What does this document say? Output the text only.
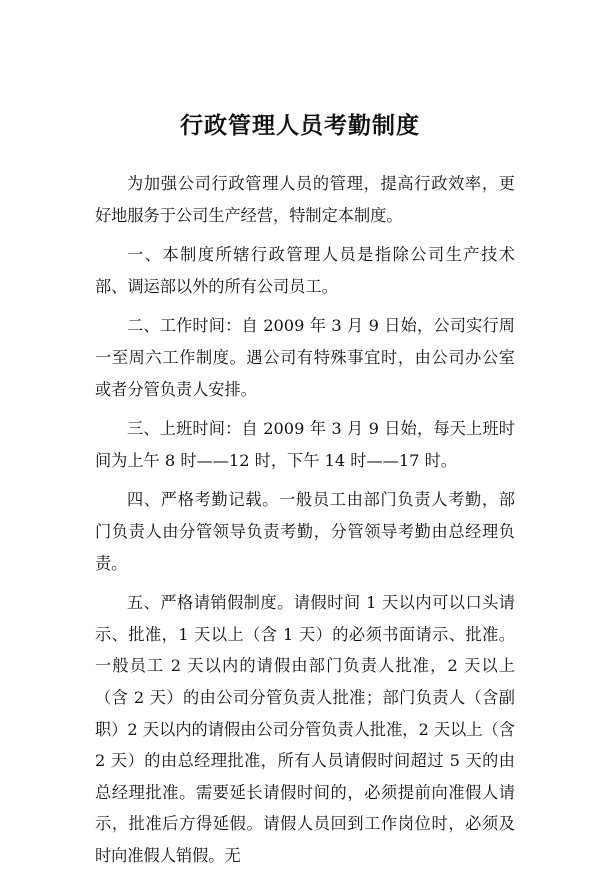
行政管理人员考勤制度

为加强公司行政管理人员的管理，提高行政效率，更好地服务于公司生产经营，特制定本制度。

一、本制度所辖行政管理人员是指除公司生产技术部、调运部以外的所有公司员工。

二、工作时间：自 2009 年 3 月 9 日始，公司实行周一至周六工作制度。遇公司有特殊事宜时，由公司办公室或者分管负责人安排。

三、上班时间：自 2009 年 3 月 9 日始，每天上班时间为上午 8 时——12 时，下午 14 时——17 时。

四、严格考勤记载。一般员工由部门负责人考勤，部门负责人由分管领导负责考勤，分管领导考勤由总经理负责。

五、严格请销假制度。请假时间 1 天以内可以口头请示、批准，1 天以上（含 1 天）的必须书面请示、批准。一般员工 2 天以内的请假由部门负责人批准，2 天以上（含 2 天）的由公司分管负责人批准；部门负责人（含副职）2 天以内的请假由公司分管负责人批准，2 天以上（含 2 天）的由总经理批准，所有人员请假时间超过 5 天的由总经理批准。需要延长请假时间的，必须提前向准假人请示，批准后方得延假。请假人员回到工作岗位时，必须及时向准假人销假。无
